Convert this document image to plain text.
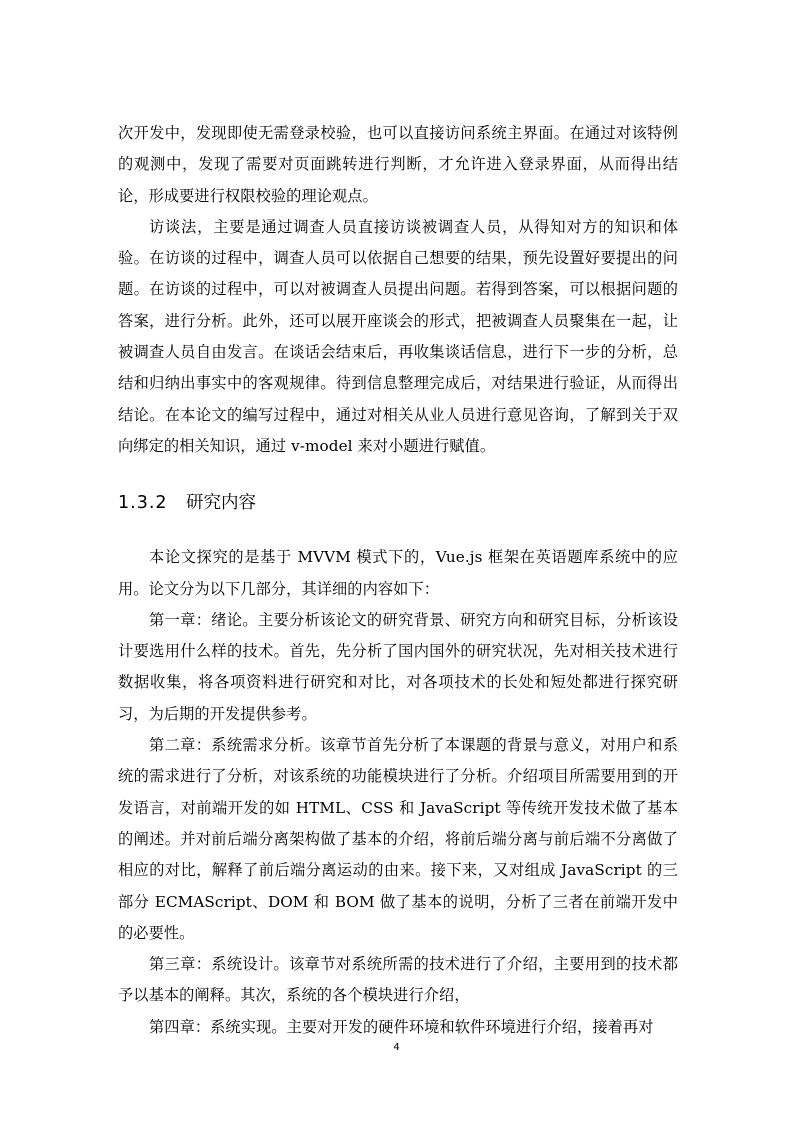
次开发中，发现即使无需登录校验，也可以直接访问系统主界面。在通过对该特例的观测中，发现了需要对页面跳转进行判断，才允许进入登录界面，从而得出结论，形成要进行权限校验的理论观点。

访谈法，主要是通过调查人员直接访谈被调查人员，从得知对方的知识和体验。在访谈的过程中，调查人员可以依据自己想要的结果，预先设置好要提出的问题。在访谈的过程中，可以对被调查人员提出问题。若得到答案，可以根据问题的答案，进行分析。此外，还可以展开座谈会的形式，把被调查人员聚集在一起，让被调查人员自由发言。在谈话会结束后，再收集谈话信息，进行下一步的分析，总结和归纳出事实中的客观规律。待到信息整理完成后，对结果进行验证，从而得出结论。在本论文的编写过程中，通过对相关从业人员进行意见咨询，了解到关于双向绑定的相关知识，通过 v-model 来对小题进行赋值。

1.3.2 研究内容

本论文探究的是基于 MVVM 模式下的，Vue.js 框架在英语题库系统中的应用。论文分为以下几部分，其详细的内容如下：

第一章：绪论。主要分析该论文的研究背景、研究方向和研究目标，分析该设计要选用什么样的技术。首先，先分析了国内国外的研究状况，先对相关技术进行数据收集，将各项资料进行研究和对比，对各项技术的长处和短处都进行探究研习，为后期的开发提供参考。

第二章：系统需求分析。该章节首先分析了本课题的背景与意义，对用户和系统的需求进行了分析，对该系统的功能模块进行了分析。介绍项目所需要用到的开发语言，对前端开发的如 HTML、CSS 和 JavaScript 等传统开发技术做了基本的阐述。并对前后端分离架构做了基本的介绍，将前后端分离与前后端不分离做了相应的对比，解释了前后端分离运动的由来。接下来，又对组成 JavaScript 的三部分 ECMAScript、DOM 和 BOM 做了基本的说明，分析了三者在前端开发中的必要性。

第三章：系统设计。该章节对系统所需的技术进行了介绍，主要用到的技术都予以基本的阐释。其次，系统的各个模块进行介绍，

第四章：系统实现。主要对开发的硬件环境和软件环境进行介绍，接着再对

4
